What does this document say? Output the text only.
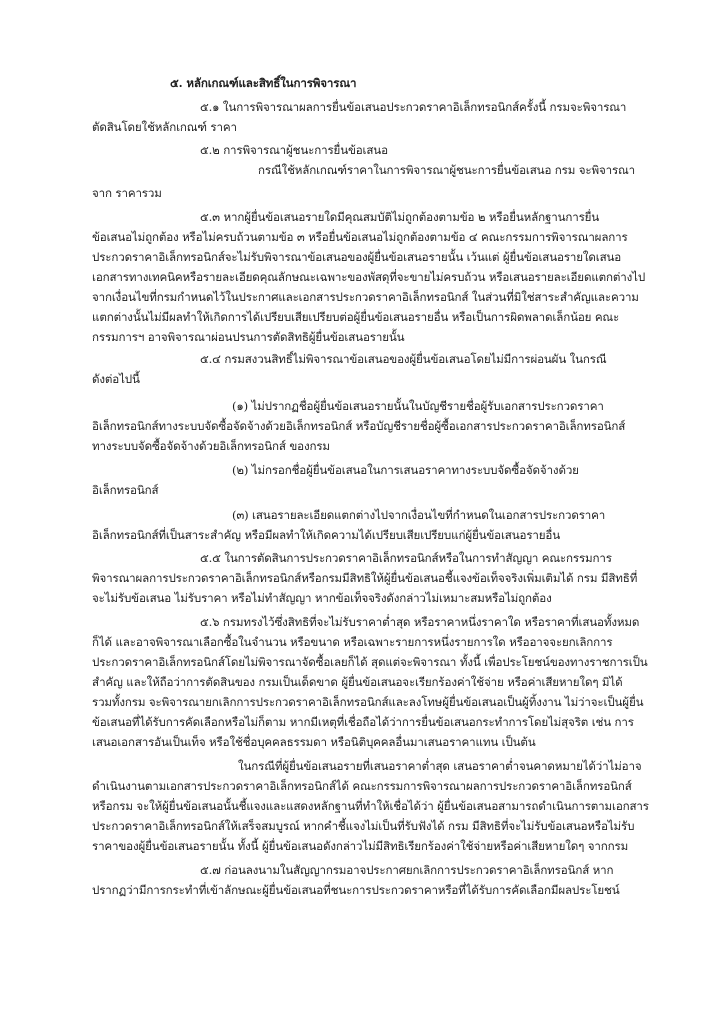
๕. หลักเกณฑ์และสิทธิ์ในการพิจารณา
๕.๑ ในการพิจารณาผลการยื่นข้อเสนอประกวดราคาอิเล็กทรอนิกส์ครั้งนี้ กรมจะพิจารณา
ตัดสินโดยใช้หลักเกณฑ์ ราคา
๕.๒ การพิจารณาผู้ชนะการยื่นข้อเสนอ
กรณีใช้หลักเกณฑ์ราคาในการพิจารณาผู้ชนะการยื่นข้อเสนอ กรม จะพิจารณา
จาก ราคารวม
๕.๓ หากผู้ยื่นข้อเสนอรายใดมีคุณสมบัติไม่ถูกต้องตามข้อ ๒ หรือยื่นหลักฐานการยื่น
ข้อเสนอไม่ถูกต้อง หรือไม่ครบถ้วนตามข้อ ๓ หรือยื่นข้อเสนอไม่ถูกต้องตามข้อ ๔ คณะกรรมการพิจารณาผลการ
ประกวดราคาอิเล็กทรอนิกส์จะไม่รับพิจารณาข้อเสนอของผู้ยื่นข้อเสนอรายนั้น เว้นแต่ ผู้ยื่นข้อเสนอรายใดเสนอ
เอกสารทางเทคนิคหรือรายละเอียดคุณลักษณะเฉพาะของพัสดุที่จะขายไม่ครบถ้วน หรือเสนอรายละเอียดแตกต่างไป
จากเงื่อนไขที่กรมกำหนดไว้ในประกาศและเอกสารประกวดราคาอิเล็กทรอนิกส์ ในส่วนที่มิใช่สาระสำคัญและความ
แตกต่างนั้นไม่มีผลทำให้เกิดการได้เปรียบเสียเปรียบต่อผู้ยื่นข้อเสนอรายอื่น หรือเป็นการผิดพลาดเล็กน้อย คณะ
กรรมการฯ อาจพิจารณาผ่อนปรนการตัดสิทธิผู้ยื่นข้อเสนอรายนั้น
๕.๔ กรมสงวนสิทธิ์ไม่พิจารณาข้อเสนอของผู้ยื่นข้อเสนอโดยไม่มีการผ่อนผัน ในกรณี
ดังต่อไปนี้
(๑) ไม่ปรากฏชื่อผู้ยื่นข้อเสนอรายนั้นในบัญชีรายชื่อผู้รับเอกสารประกวดราคา
อิเล็กทรอนิกส์ทางระบบจัดซื้อจัดจ้างด้วยอิเล็กทรอนิกส์ หรือบัญชีรายชื่อผู้ซื้อเอกสารประกวดราคาอิเล็กทรอนิกส์
ทางระบบจัดซื้อจัดจ้างด้วยอิเล็กทรอนิกส์ ของกรม
(๒) ไม่กรอกชื่อผู้ยื่นข้อเสนอในการเสนอราคาทางระบบจัดซื้อจัดจ้างด้วย
อิเล็กทรอนิกส์
(๓) เสนอรายละเอียดแตกต่างไปจากเงื่อนไขที่กำหนดในเอกสารประกวดราคา
อิเล็กทรอนิกส์ที่เป็นสาระสำคัญ หรือมีผลทำให้เกิดความได้เปรียบเสียเปรียบแก่ผู้ยื่นข้อเสนอรายอื่น
๕.๕ ในการตัดสินการประกวดราคาอิเล็กทรอนิกส์หรือในการทำสัญญา คณะกรรมการ
พิจารณาผลการประกวดราคาอิเล็กทรอนิกส์หรือกรมมีสิทธิให้ผู้ยื่นข้อเสนอชี้แจงข้อเท็จจริงเพิ่มเติมได้ กรม มีสิทธิที่
จะไม่รับข้อเสนอ ไม่รับราคา หรือไม่ทำสัญญา หากข้อเท็จจริงดังกล่าวไม่เหมาะสมหรือไม่ถูกต้อง
๕.๖ กรมทรงไว้ซึ่งสิทธิที่จะไม่รับราคาต่ำสุด หรือราคาหนึ่งราคาใด หรือราคาที่เสนอทั้งหมด
ก็ได้ และอาจพิจารณาเลือกซื้อในจำนวน หรือขนาด หรือเฉพาะรายการหนึ่งรายการใด หรืออาจจะยกเลิกการ
ประกวดราคาอิเล็กทรอนิกส์โดยไม่พิจารณาจัดซื้อเลยก็ได้ สุดแต่จะพิจารณา ทั้งนี้ เพื่อประโยชน์ของทางราชการเป็น
สำคัญ และให้ถือว่าการตัดสินของ กรมเป็นเด็ดขาด ผู้ยื่นข้อเสนอจะเรียกร้องค่าใช้จ่าย หรือค่าเสียหายใดๆ มิได้
รวมทั้งกรม จะพิจารณายกเลิกการประกวดราคาอิเล็กทรอนิกส์และลงโทษผู้ยื่นข้อเสนอเป็นผู้ทิ้งงาน ไม่ว่าจะเป็นผู้ยื่น
ข้อเสนอที่ได้รับการคัดเลือกหรือไม่ก็ตาม หากมีเหตุที่เชื่อถือได้ว่าการยื่นข้อเสนอกระทำการโดยไม่สุจริต เช่น การ
เสนอเอกสารอันเป็นเท็จ หรือใช้ชื่อบุคคลธรรมดา หรือนิติบุคคลอื่นมาเสนอราคาแทน เป็นต้น
ในกรณีที่ผู้ยื่นข้อเสนอรายที่เสนอราคาต่ำสุด เสนอราคาต่ำจนคาดหมายได้ว่าไม่อาจ
ดำเนินงานตามเอกสารประกวดราคาอิเล็กทรอนิกส์ได้ คณะกรรมการพิจารณาผลการประกวดราคาอิเล็กทรอนิกส์
หรือกรม จะให้ผู้ยื่นข้อเสนอนั้นชี้แจงและแสดงหลักฐานที่ทำให้เชื่อได้ว่า ผู้ยื่นข้อเสนอสามารถดำเนินการตามเอกสาร
ประกวดราคาอิเล็กทรอนิกส์ให้เสร็จสมบูรณ์ หากคำชี้แจงไม่เป็นที่รับฟังได้ กรม มีสิทธิที่จะไม่รับข้อเสนอหรือไม่รับ
ราคาของผู้ยื่นข้อเสนอรายนั้น ทั้งนี้ ผู้ยื่นข้อเสนอดังกล่าวไม่มีสิทธิเรียกร้องค่าใช้จ่ายหรือค่าเสียหายใดๆ จากกรม
๕.๗ ก่อนลงนามในสัญญากรมอาจประกาศยกเลิกการประกวดราคาอิเล็กทรอนิกส์ หาก
ปรากฏว่ามีการกระทำที่เข้าลักษณะผู้ยื่นข้อเสนอที่ชนะการประกวดราคาหรือที่ได้รับการคัดเลือกมีผลประโยชน์
